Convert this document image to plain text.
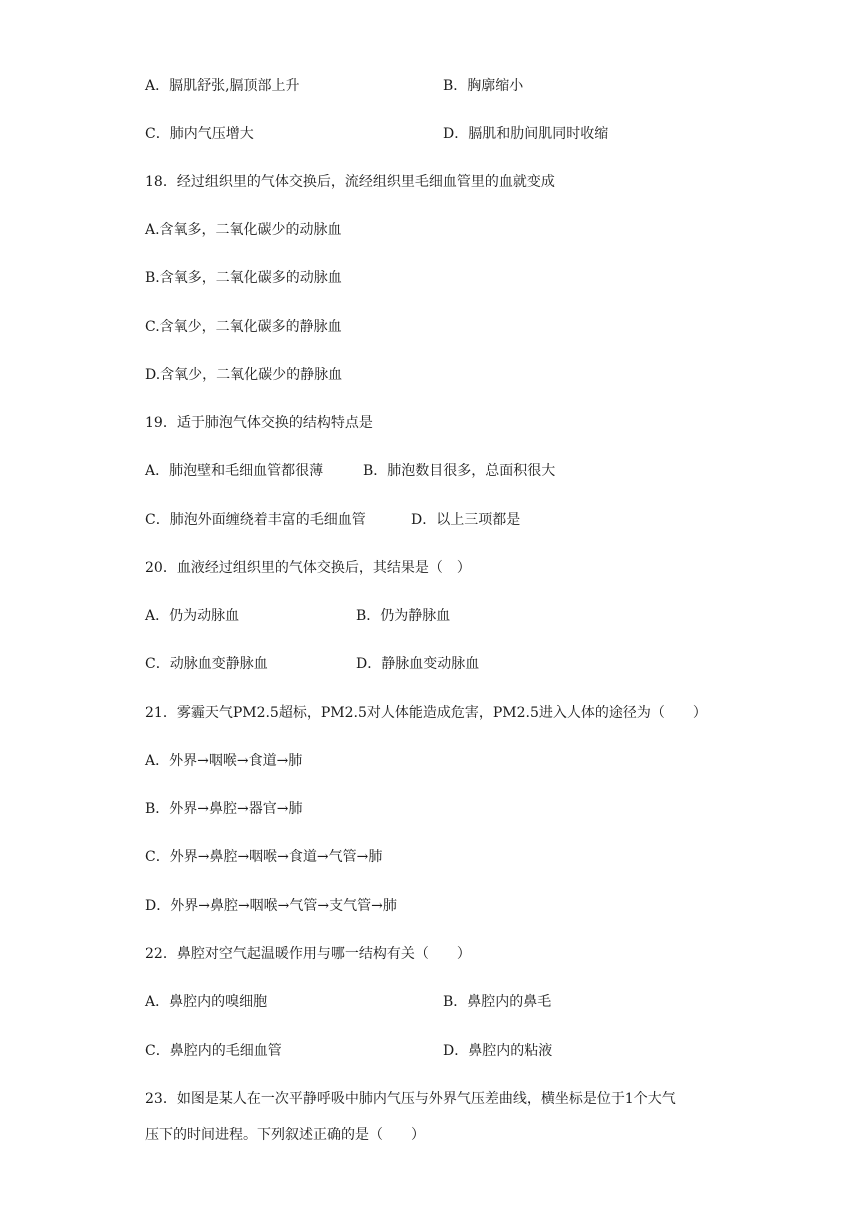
A．膈肌舒张,膈顶部上升	B．胸廓缩小
C．肺内气压增大	D．膈肌和肋间肌同时收缩
18．经过组织里的气体交换后，流经组织里毛细血管里的血就变成
A.含氧多，二氧化碳少的动脉血
B.含氧多，二氧化碳多的动脉血
C.含氧少，二氧化碳多的静脉血
D.含氧少，二氧化碳少的静脉血
19．适于肺泡气体交换的结构特点是
A．肺泡壁和毛细血管都很薄	B．肺泡数目很多，总面积很大
C．肺泡外面缠绕着丰富的毛细血管	D．以上三项都是
20．血液经过组织里的气体交换后，其结果是（　）
A．仍为动脉血	B．仍为静脉血
C．动脉血变静脉血	D．静脉血变动脉血
21．雾霾天气PM2.5超标，PM2.5对人体能造成危害，PM2.5进入人体的途径为（　　）
A．外界→咽喉→食道→肺
B．外界→鼻腔→器官→肺
C．外界→鼻腔→咽喉→食道→气管→肺
D．外界→鼻腔→咽喉→气管→支气管→肺
22．鼻腔对空气起温暖作用与哪一结构有关（　　）
A．鼻腔内的嗅细胞	B．鼻腔内的鼻毛
C．鼻腔内的毛细血管	D．鼻腔内的粘液
23．如图是某人在一次平静呼吸中肺内气压与外界气压差曲线，横坐标是位于1个大气
压下的时间进程。下列叙述正确的是（　　）
